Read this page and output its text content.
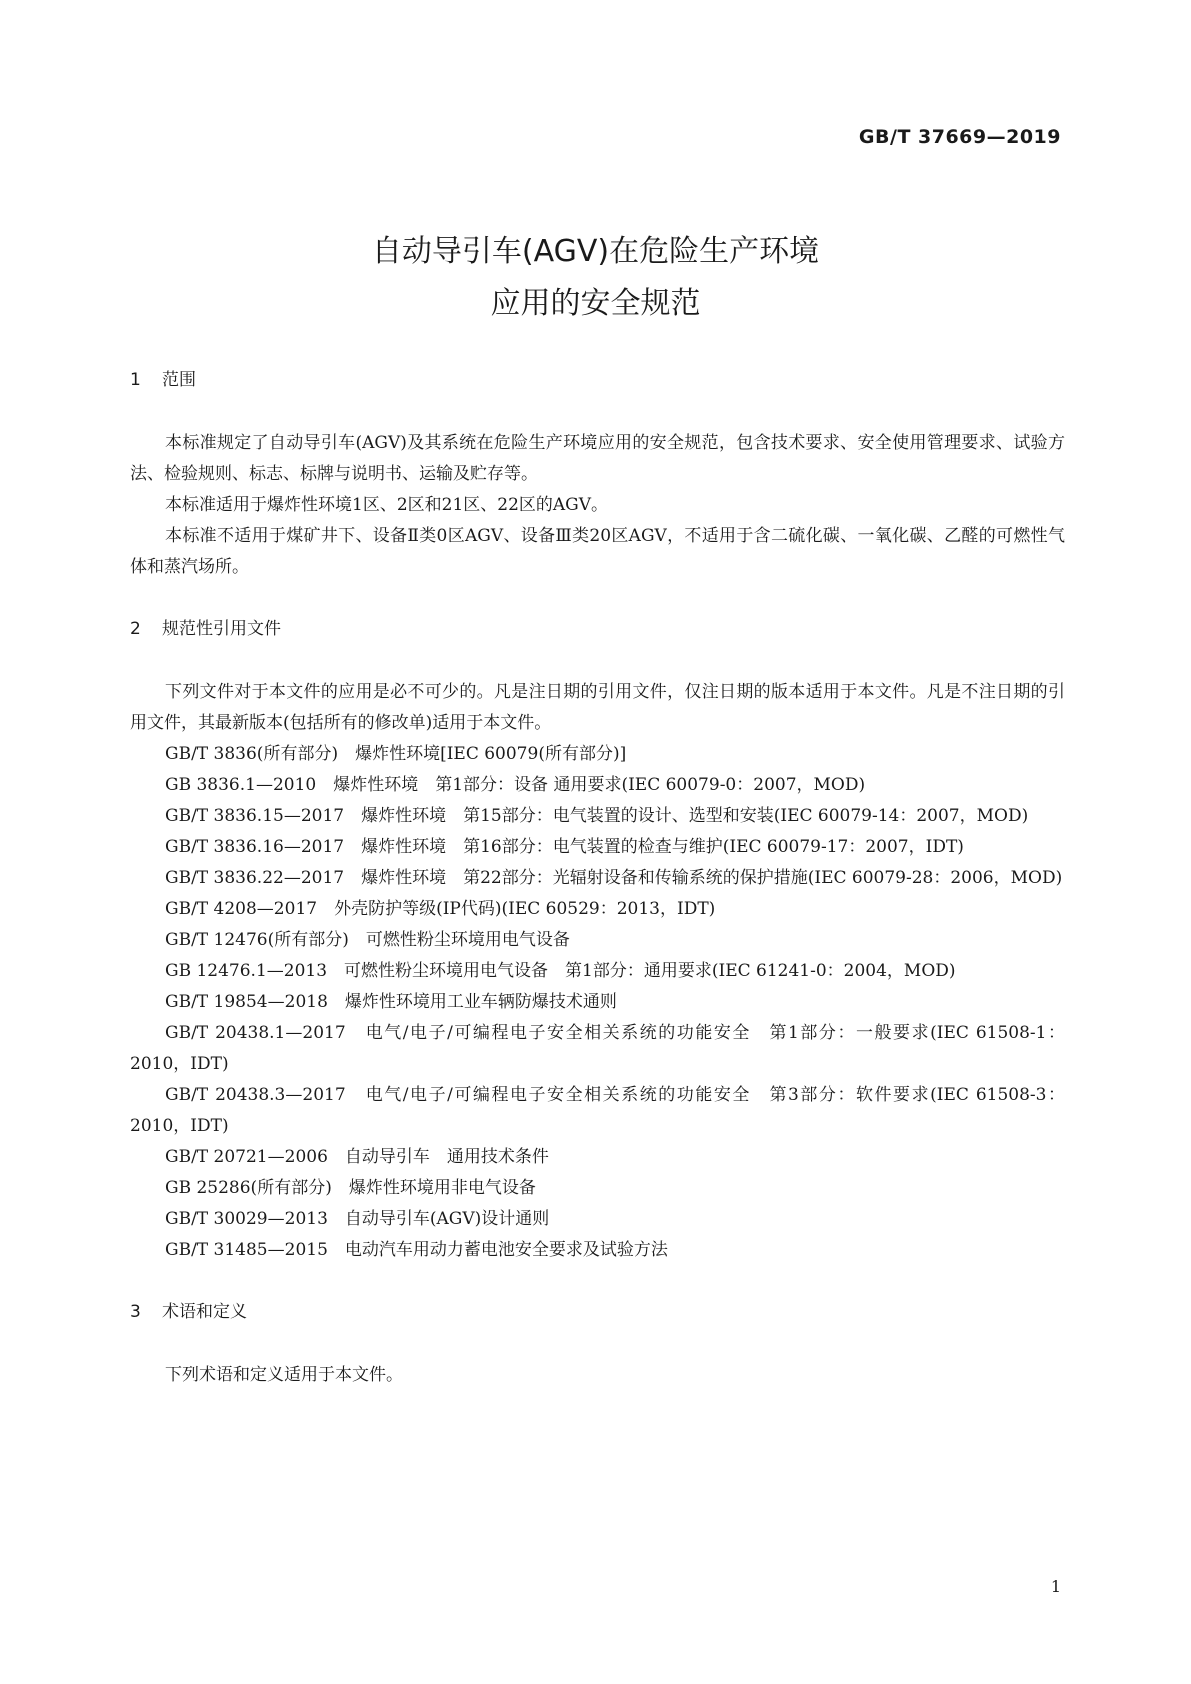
GB/T 37669—2019
自动导引车(AGV)在危险生产环境
应用的安全规范
1 范围

本标准规定了自动导引车(AGV)及其系统在危险生产环境应用的安全规范，包含技术要求、安全使用管理要求、试验方法、检验规则、标志、标牌与说明书、运输及贮存等。

本标准适用于爆炸性环境1区、2区和21区、22区的AGV。

本标准不适用于煤矿井下、设备Ⅱ类0区AGV、设备Ⅲ类20区AGV，不适用于含二硫化碳、一氧化碳、乙醛的可燃性气体和蒸汽场所。

2 规范性引用文件

下列文件对于本文件的应用是必不可少的。凡是注日期的引用文件，仅注日期的版本适用于本文件。凡是不注日期的引用文件，其最新版本(包括所有的修改单)适用于本文件。

GB/T 3836(所有部分)　爆炸性环境[IEC 60079(所有部分)]

GB 3836.1—2010　爆炸性环境　第1部分：设备 通用要求(IEC 60079-0：2007，MOD)

GB/T 3836.15—2017　爆炸性环境　第15部分：电气装置的设计、选型和安装(IEC 60079-14：2007，MOD)

GB/T 3836.16—2017　爆炸性环境　第16部分：电气装置的检查与维护(IEC 60079-17：2007，IDT)

GB/T 3836.22—2017　爆炸性环境　第22部分：光辐射设备和传输系统的保护措施(IEC 60079-28：2006，MOD)

GB/T 4208—2017　外壳防护等级(IP代码)(IEC 60529：2013，IDT)

GB/T 12476(所有部分)　可燃性粉尘环境用电气设备

GB 12476.1—2013　可燃性粉尘环境用电气设备　第1部分：通用要求(IEC 61241-0：2004，MOD)

GB/T 19854—2018　爆炸性环境用工业车辆防爆技术通则

GB/T 20438.1—2017　电气/电子/可编程电子安全相关系统的功能安全　第1部分：一般要求(IEC 61508-1：2010，IDT)

GB/T 20438.3—2017　电气/电子/可编程电子安全相关系统的功能安全　第3部分：软件要求(IEC 61508-3：2010，IDT)

GB/T 20721—2006　自动导引车　通用技术条件

GB 25286(所有部分)　爆炸性环境用非电气设备

GB/T 30029—2013　自动导引车(AGV)设计通则

GB/T 31485—2015　电动汽车用动力蓄电池安全要求及试验方法

3 术语和定义

下列术语和定义适用于本文件。

1
